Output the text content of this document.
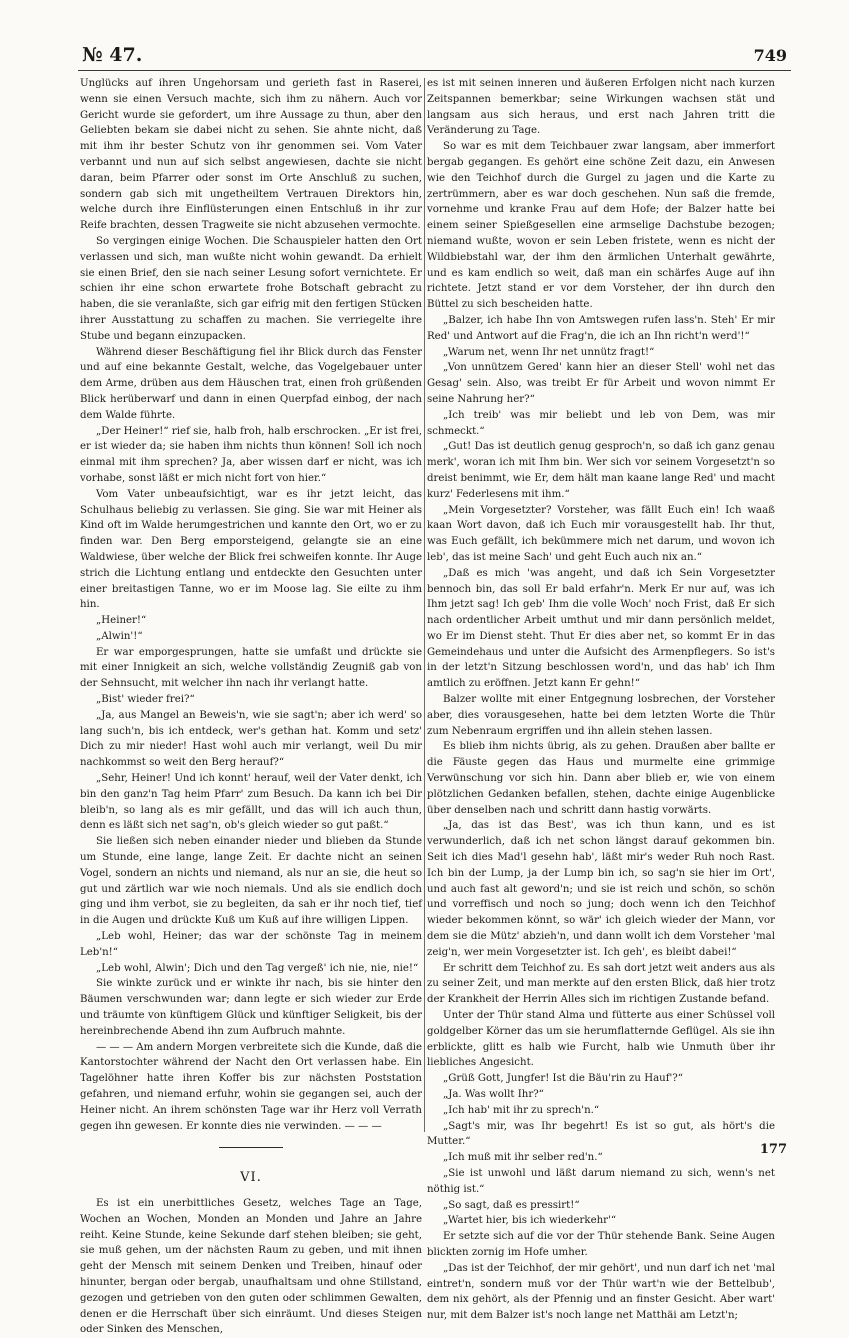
№ 47.	749

Unglücks auf ihren Ungehorsam und gerieth fast in Raserei, wenn sie einen Versuch machte, sich ihm zu nähern. Auch vor Gericht wurde sie gefordert, um ihre Aussage zu thun, aber den Geliebten bekam sie dabei nicht zu sehen. Sie ahnte nicht, daß mit ihm ihr bester Schutz von ihr genommen sei. Vom Vater verbannt und nun auf sich selbst angewiesen, dachte sie nicht daran, beim Pfarrer oder sonst im Orte Anschluß zu suchen, sondern gab sich mit ungetheiltem Vertrauen Direktors hin, welche durch ihre Einflüsterungen einen Entschluß in ihr zur Reife brachten, dessen Tragweite sie nicht abzusehen vermochte.

So vergingen einige Wochen. Die Schauspieler hatten den Ort verlassen und sich, man wußte nicht wohin gewandt. Da erhielt sie einen Brief, den sie nach seiner Lesung sofort vernichtete. Er schien ihr eine schon erwartete frohe Botschaft gebracht zu haben, die sie veranlaßte, sich gar eifrig mit den fertigen Stücken ihrer Ausstattung zu schaffen zu machen. Sie verriegelte ihre Stube und begann einzupacken.

Während dieser Beschäftigung fiel ihr Blick durch das Fenster und auf eine bekannte Gestalt, welche, das Vogelgebauer unter dem Arme, drüben aus dem Häuschen trat, einen froh grüßenden Blick herüberwarf und dann in einen Querpfad einbog, der nach dem Walde führte.

„Der Heiner!“ rief sie, halb froh, halb erschrocken. „Er ist frei, er ist wieder da; sie haben ihm nichts thun können! Soll ich noch einmal mit ihm sprechen? Ja, aber wissen darf er nicht, was ich vorhabe, sonst läßt er mich nicht fort von hier.“

Vom Vater unbeaufsichtigt, war es ihr jetzt leicht, das Schulhaus beliebig zu verlassen. Sie ging. Sie war mit Heiner als Kind oft im Walde herumgestrichen und kannte den Ort, wo er zu finden war. Den Berg emporsteigend, gelangte sie an eine Waldwiese, über welche der Blick frei schweifen konnte. Ihr Auge strich die Lichtung entlang und entdeckte den Gesuchten unter einer breitastigen Tanne, wo er im Moose lag. Sie eilte zu ihm hin.

„Heiner!“

„Alwin'!“

Er war emporgesprungen, hatte sie umfaßt und drückte sie mit einer Innigkeit an sich, welche vollständig Zeugniß gab von der Sehnsucht, mit welcher ihn nach ihr verlangt hatte.

„Bist' wieder frei?“

„Ja, aus Mangel an Beweis'n, wie sie sagt'n; aber ich werd' so lang such'n, bis ich entdeck, wer's gethan hat. Komm und setz' Dich zu mir nieder! Hast wohl auch mir verlangt, weil Du mir nachkommst so weit den Berg herauf?“

„Sehr, Heiner! Und ich konnt' herauf, weil der Vater denkt, ich bin den ganz'n Tag heim Pfarr' zum Besuch. Da kann ich bei Dir bleib'n, so lang als es mir gefällt, und das will ich auch thun, denn es läßt sich net sag'n, ob's gleich wieder so gut paßt.“

Sie ließen sich neben einander nieder und blieben da Stunde um Stunde, eine lange, lange Zeit. Er dachte nicht an seinen Vogel, sondern an nichts und niemand, als nur an sie, die heut so gut und zärtlich war wie noch niemals. Und als sie endlich doch ging und ihm verbot, sie zu begleiten, da sah er ihr noch tief, tief in die Augen und drückte Kuß um Kuß auf ihre willigen Lippen.

„Leb wohl, Heiner; das war der schönste Tag in meinem Leb'n!“

„Leb wohl, Alwin'; Dich und den Tag vergeß' ich nie, nie, nie!“

Sie winkte zurück und er winkte ihr nach, bis sie hinter den Bäumen verschwunden war; dann legte er sich wieder zur Erde und träumte von künftigem Glück und künftiger Seligkeit, bis der hereinbrechende Abend ihn zum Aufbruch mahnte.

— — — Am andern Morgen verbreitete sich die Kunde, daß die Kantorstochter während der Nacht den Ort verlassen habe. Ein Tagelöhner hatte ihren Koffer bis zur nächsten Poststation gefahren, und niemand erfuhr, wohin sie gegangen sei, auch der Heiner nicht. An ihrem schönsten Tage war ihr Herz voll Verrath gegen ihn gewesen. Er konnte dies nie verwinden. — — —

VI.

Es ist ein unerbittliches Gesetz, welches Tage an Tage, Wochen an Wochen, Monden an Monden und Jahre an Jahre reiht. Keine Stunde, keine Sekunde darf stehen bleiben; sie geht, sie muß gehen, um der nächsten Raum zu geben, und mit ihnen geht der Mensch mit seinem Denken und Treiben, hinauf oder hinunter, bergan oder bergab, unaufhaltsam und ohne Stillstand, gezogen und getrieben von den guten oder schlimmen Gewalten, denen er die Herrschaft über sich einräumt. Und dieses Steigen oder Sinken des Menschen,

es ist mit seinen inneren und äußeren Erfolgen nicht nach kurzen Zeitspannen bemerkbar; seine Wirkungen wachsen stät und langsam aus sich heraus, und erst nach Jahren tritt die Veränderung zu Tage.

So war es mit dem Teichbauer zwar langsam, aber immerfort bergab gegangen. Es gehört eine schöne Zeit dazu, ein Anwesen wie den Teichhof durch die Gurgel zu jagen und die Karte zu zertrümmern, aber es war doch geschehen. Nun saß die fremde, vornehme und kranke Frau auf dem Hofe; der Balzer hatte bei einem seiner Spießgesellen eine armselige Dachstube bezogen; niemand wußte, wovon er sein Leben fristete, wenn es nicht der Wildbiebstahl war, der ihm den ärmlichen Unterhalt gewährte, und es kam endlich so weit, daß man ein schärfes Auge auf ihn richtete. Jetzt stand er vor dem Vorsteher, der ihn durch den Büttel zu sich bescheiden hatte.

„Balzer, ich habe Ihn von Amtswegen rufen lass'n. Steh' Er mir Red' und Antwort auf die Frag'n, die ich an Ihn richt'n werd'!“

„Warum net, wenn Ihr net unnütz fragt!“

„Von unnützem Gered' kann hier an dieser Stell' wohl net das Gesag' sein. Also, was treibt Er für Arbeit und wovon nimmt Er seine Nahrung her?“

„Ich treib' was mir beliebt und leb von Dem, was mir schmeckt.“

„Gut! Das ist deutlich genug gesproch'n, so daß ich ganz genau merk', woran ich mit Ihm bin. Wer sich vor seinem Vorgesetzt'n so dreist benimmt, wie Er, dem hält man kaane lange Red' und macht kurz' Federlesens mit ihm.“

„Mein Vorgesetzter? Vorsteher, was fällt Euch ein! Ich waaß kaan Wort davon, daß ich Euch mir vorausgestellt hab. Ihr thut, was Euch gefällt, ich bekümmere mich net darum, und wovon ich leb', das ist meine Sach' und geht Euch auch nix an.“

„Daß es mich 'was angeht, und daß ich Sein Vorgesetzter bennoch bin, das soll Er bald erfahr'n. Merk Er nur auf, was ich Ihm jetzt sag! Ich geb' Ihm die volle Woch' noch Frist, daß Er sich nach ordentlicher Arbeit umthut und mir dann persönlich meldet, wo Er im Dienst steht. Thut Er dies aber net, so kommt Er in das Gemeindehaus und unter die Aufsicht des Armenpflegers. So ist's in der letzt'n Sitzung beschlossen word'n, und das hab' ich Ihm amtlich zu eröffnen. Jetzt kann Er gehn!“

Balzer wollte mit einer Entgegnung losbrechen, der Vorsteher aber, dies vorausgesehen, hatte bei dem letzten Worte die Thür zum Nebenraum ergriffen und ihn allein stehen lassen.

Es blieb ihm nichts übrig, als zu gehen. Draußen aber ballte er die Fäuste gegen das Haus und murmelte eine grimmige Verwünschung vor sich hin. Dann aber blieb er, wie von einem plötzlichen Gedanken befallen, stehen, dachte einige Augenblicke über denselben nach und schritt dann hastig vorwärts.

„Ja, das ist das Best', was ich thun kann, und es ist verwunderlich, daß ich net schon längst darauf gekommen bin. Seit ich dies Mad'l gesehn hab', läßt mir's weder Ruh noch Rast. Ich bin der Lump, ja der Lump bin ich, so sag'n sie hier im Ort', und auch fast alt geword'n; und sie ist reich und schön, so schön und vorreffisch und noch so jung; doch wenn ich den Teichhof wieder bekommen könnt, so wär' ich gleich wieder der Mann, vor dem sie die Mütz' abzieh'n, und dann wollt ich dem Vorsteher 'mal zeig'n, wer mein Vorgesetzter ist. Ich geh', es bleibt dabei!“

Er schritt dem Teichhof zu. Es sah dort jetzt weit anders aus als zu seiner Zeit, und man merkte auf den ersten Blick, daß hier trotz der Krankheit der Herrin Alles sich im richtigen Zustande befand.

Unter der Thür stand Alma und fütterte aus einer Schüssel voll goldgelber Körner das um sie herumflatternde Geflügel. Als sie ihn erblickte, glitt es halb wie Furcht, halb wie Unmuth über ihr liebliches Angesicht.

„Grüß Gott, Jungfer! Ist die Bäu'rin zu Hauf'?“

„Ja. Was wollt Ihr?“

„Ich hab' mit ihr zu sprech'n.“

„Sagt's mir, was Ihr begehrt! Es ist so gut, als hört's die Mutter.“

„Ich muß mit ihr selber red'n.“

„Sie ist unwohl und läßt darum niemand zu sich, wenn's net nöthig ist.“

„So sagt, daß es pressirt!“

„Wartet hier, bis ich wiederkehr'“

Er setzte sich auf die vor der Thür stehende Bank. Seine Augen blickten zornig im Hofe umher.

„Das ist der Teichhof, der mir gehört', und nun darf ich net 'mal eintret'n, sondern muß vor der Thür wart'n wie der Bettelbub', dem nix gehört, als der Pfennig und an finster Gesicht. Aber wart' nur, mit dem Balzer ist's noch lange net Matthäi am Letzt'n;

177
